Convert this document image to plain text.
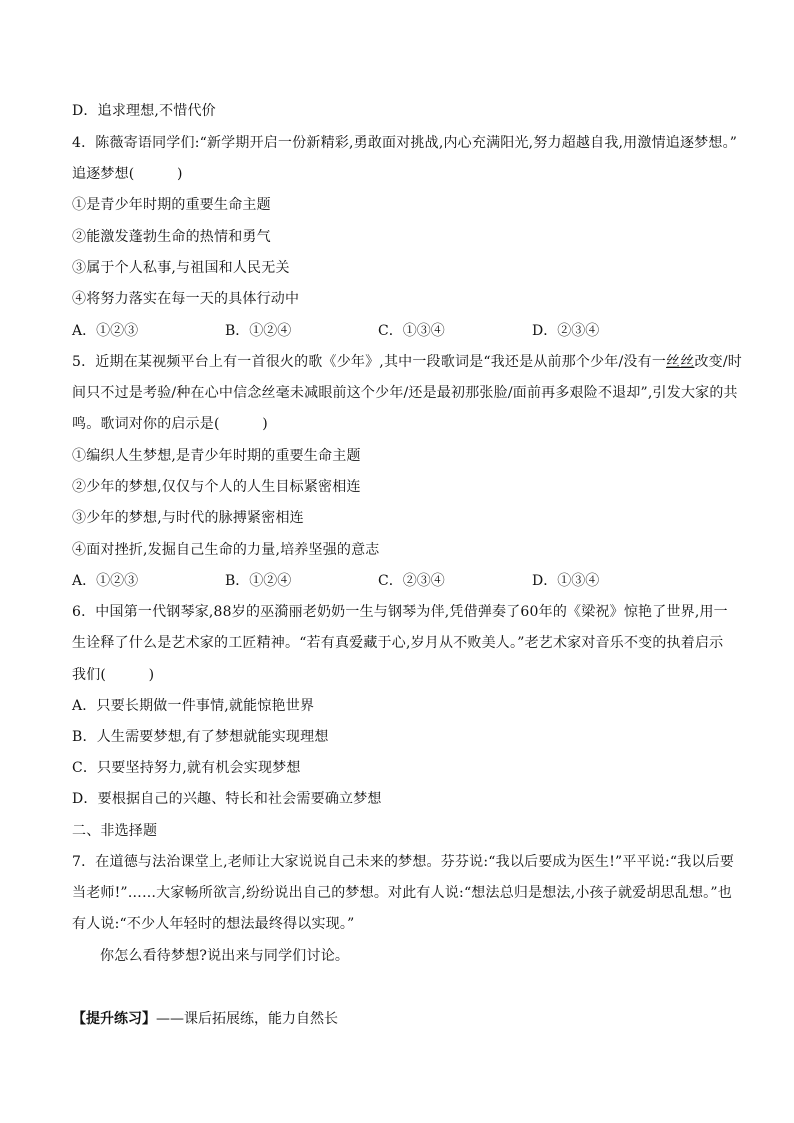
D．追求理想,不惜代价
4．陈薇寄语同学们:“新学期开启一份新精彩,勇敢面对挑战,内心充满阳光,努力超越自我,用激情追逐梦想。”
追逐梦想(　　　)
①是青少年时期的重要生命主题
②能激发蓬勃生命的热情和勇气
③属于个人私事,与祖国和人民无关
④将努力落实在每一天的具体行动中
A．①②③	B．①②④	C．①③④	D．②③④
5．近期在某视频平台上有一首很火的歌《少年》,其中一段歌词是“我还是从前那个少年/没有一丝丝改变/时
间只不过是考验/种在心中信念丝毫未减眼前这个少年/还是最初那张脸/面前再多艰险不退却”,引发大家的共
鸣。歌词对你的启示是(　　　)
①编织人生梦想,是青少年时期的重要生命主题
②少年的梦想,仅仅与个人的人生目标紧密相连
③少年的梦想,与时代的脉搏紧密相连
④面对挫折,发掘自己生命的力量,培养坚强的意志
A．①②③	B．①②④	C．②③④	D．①③④
6．中国第一代钢琴家,88岁的巫漪丽老奶奶一生与钢琴为伴,凭借弹奏了60年的《梁祝》惊艳了世界,用一
生诠释了什么是艺术家的工匠精神。“若有真爱藏于心,岁月从不败美人。”老艺术家对音乐不变的执着启示
我们(　　　)
A．只要长期做一件事情,就能惊艳世界
B．人生需要梦想,有了梦想就能实现理想
C．只要坚持努力,就有机会实现梦想
D．要根据自己的兴趣、特长和社会需要确立梦想
二、非选择题
7．在道德与法治课堂上,老师让大家说说自己未来的梦想。芬芬说:“我以后要成为医生!”平平说:“我以后要
当老师!”……大家畅所欲言,纷纷说出自己的梦想。对此有人说:“想法总归是想法,小孩子就爱胡思乱想。”也
有人说:“不少人年轻时的想法最终得以实现。”
你怎么看待梦想?说出来与同学们讨论。
【提升练习】——课后拓展练，能力自然长
